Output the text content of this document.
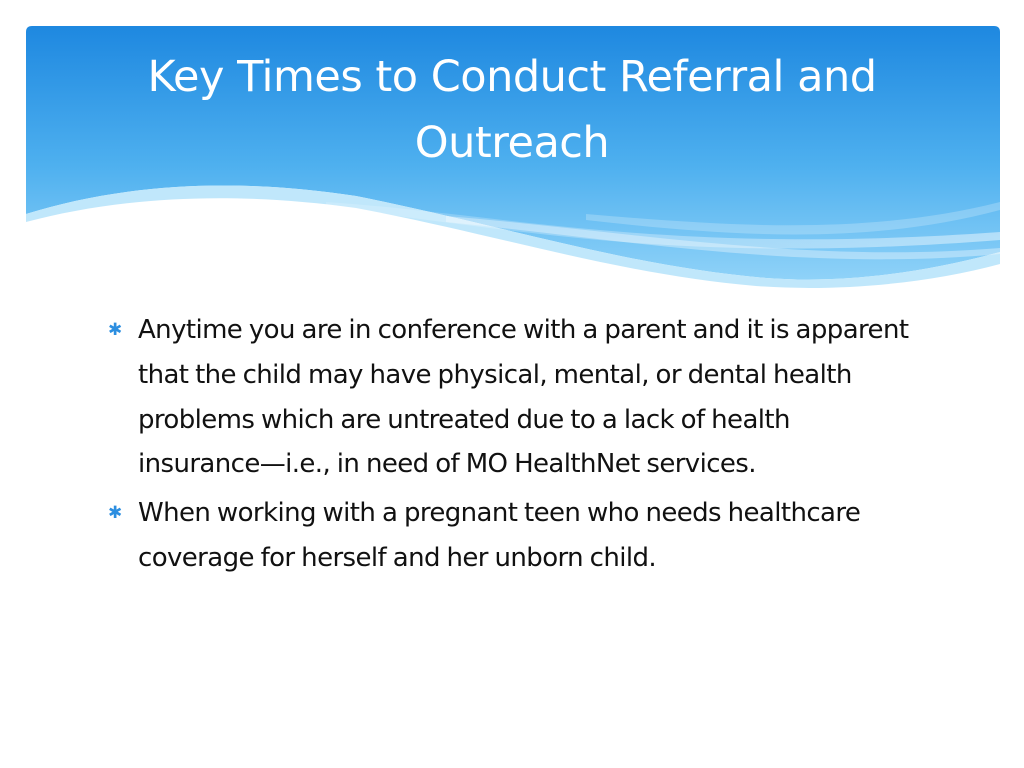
Key Times to Conduct Referral and Outreach
✱ Anytime you are in conference with a parent and it is apparent that the child may have physical, mental, or dental health problems which are untreated due to a lack of health insurance—i.e., in need of MO HealthNet services.
✱ When working with a pregnant teen who needs healthcare coverage for herself and her unborn child.
